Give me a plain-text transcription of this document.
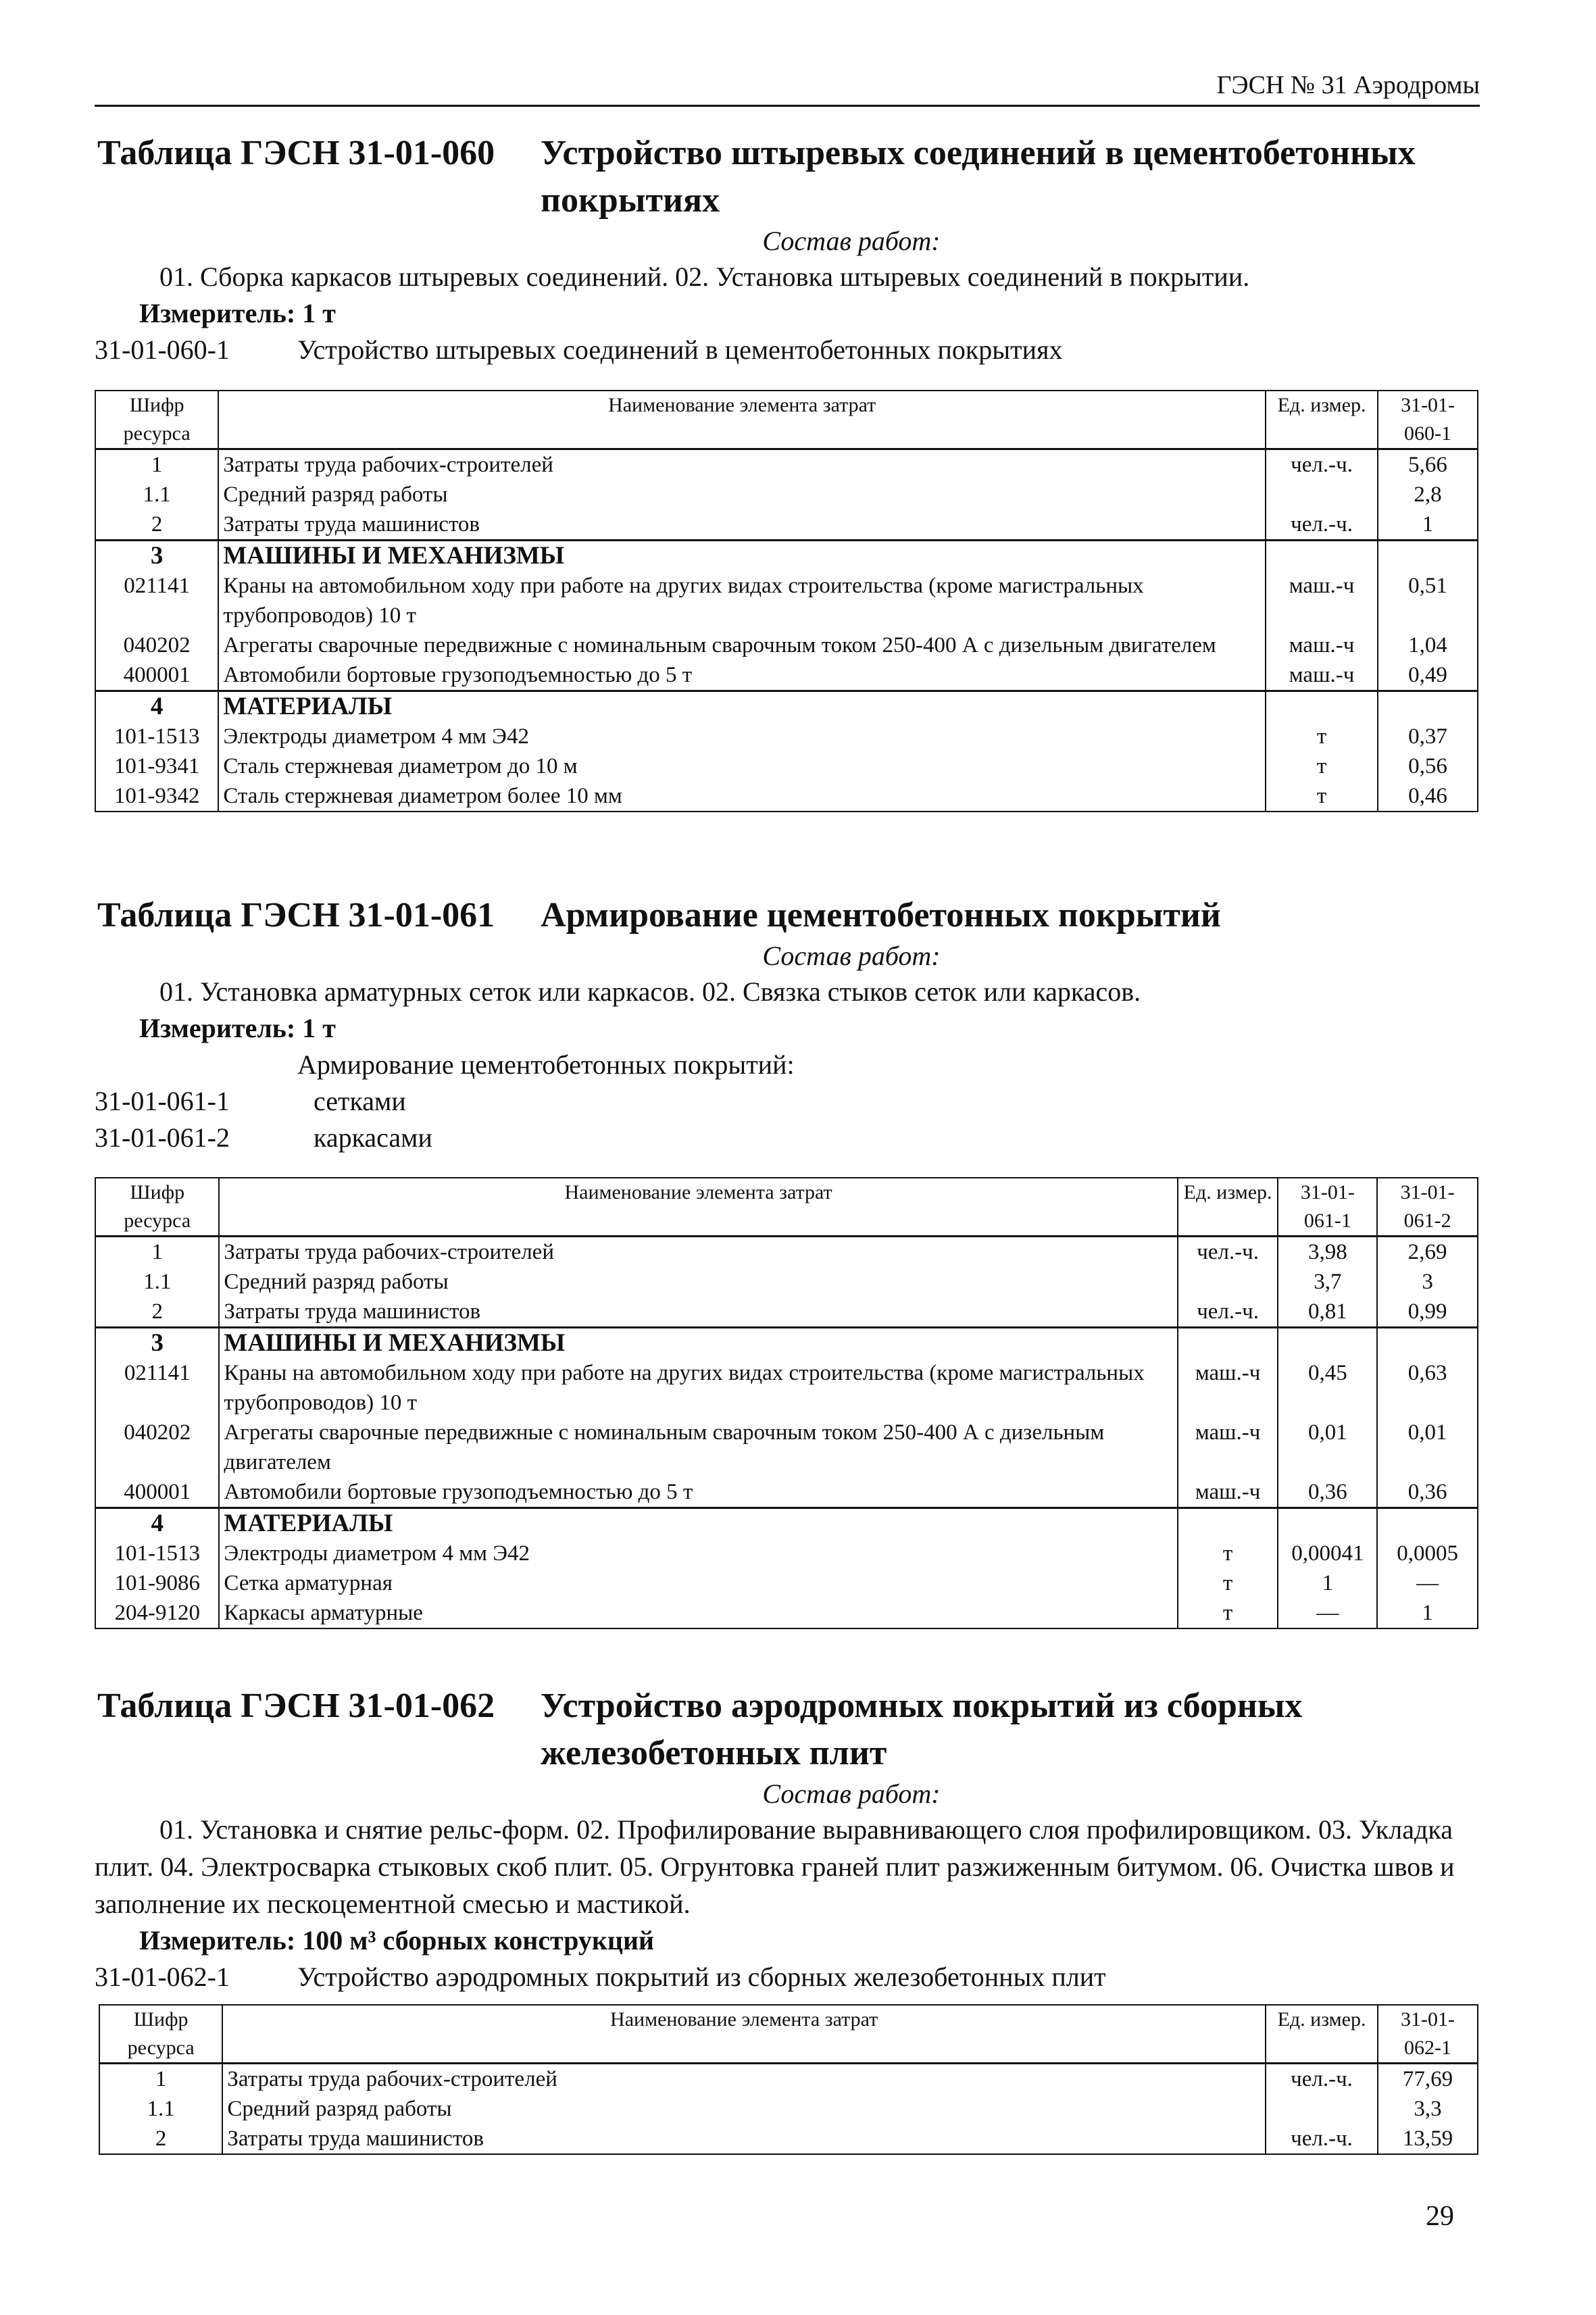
ГЭСН № 31 Аэродромы
Таблица ГЭСН 31-01-060 Устройство штыревых соединений в цементобетонных покрытиях
Состав работ:
01. Сборка каркасов штыревых соединений. 02. Установка штыревых соединений в покрытии.
Измеритель: 1 т
31-01-060-1	Устройство штыревых соединений в цементобетонных покрытиях
Шифр ресурса	Наименование элемента затрат	Ед. измер.	31-01-060-1
1	Затраты труда рабочих-строителей	чел.-ч.	5,66
1.1	Средний разряд работы		2,8
2	Затраты труда машинистов	чел.-ч.	1
3	МАШИНЫ И МЕХАНИЗМЫ		
021141	Краны на автомобильном ходу при работе на других видах строительства (кроме магистральных трубопроводов) 10 т	маш.-ч	0,51
040202	Агрегаты сварочные передвижные с номинальным сварочным током 250-400 А с дизельным двигателем	маш.-ч	1,04
400001	Автомобили бортовые грузоподъемностью до 5 т	маш.-ч	0,49
4	МАТЕРИАЛЫ		
101-1513	Электроды диаметром 4 мм Э42	т	0,37
101-9341	Сталь стержневая диаметром до 10 м	т	0,56
101-9342	Сталь стержневая диаметром более 10 мм	т	0,46
Таблица ГЭСН 31-01-061 Армирование цементобетонных покрытий
Состав работ:
01. Установка арматурных сеток или каркасов. 02. Связка стыков сеток или каркасов.
Измеритель: 1 т
Армирование цементобетонных покрытий:
31-01-061-1	сетками
31-01-061-2	каркасами
Шифр ресурса	Наименование элемента затрат	Ед. измер.	31-01-061-1	31-01-061-2
1	Затраты труда рабочих-строителей	чел.-ч.	3,98	2,69
1.1	Средний разряд работы		3,7	3
2	Затраты труда машинистов	чел.-ч.	0,81	0,99
3	МАШИНЫ И МЕХАНИЗМЫ			
021141	Краны на автомобильном ходу при работе на других видах строительства (кроме магистральных трубопроводов) 10 т	маш.-ч	0,45	0,63
040202	Агрегаты сварочные передвижные с номинальным сварочным током 250-400 А с дизельным двигателем	маш.-ч	0,01	0,01
400001	Автомобили бортовые грузоподъемностью до 5 т	маш.-ч	0,36	0,36
4	МАТЕРИАЛЫ			
101-1513	Электроды диаметром 4 мм Э42	т	0,00041	0,0005
101-9086	Сетка арматурная	т	1	—
204-9120	Каркасы арматурные	т	—	1
Таблица ГЭСН 31-01-062 Устройство аэродромных покрытий из сборных железобетонных плит
Состав работ:
01. Установка и снятие рельс-форм. 02. Профилирование выравнивающего слоя профилировщиком. 03. Укладка плит. 04. Электросварка стыковых скоб плит. 05. Огрунтовка граней плит разжиженным битумом. 06. Очистка швов и заполнение их пескоцементной смесью и мастикой.
Измеритель: 100 м³ сборных конструкций
31-01-062-1	Устройство аэродромных покрытий из сборных железобетонных плит
Шифр ресурса	Наименование элемента затрат	Ед. измер.	31-01-062-1
1	Затраты труда рабочих-строителей	чел.-ч.	77,69
1.1	Средний разряд работы		3,3
2	Затраты труда машинистов	чел.-ч.	13,59
29
